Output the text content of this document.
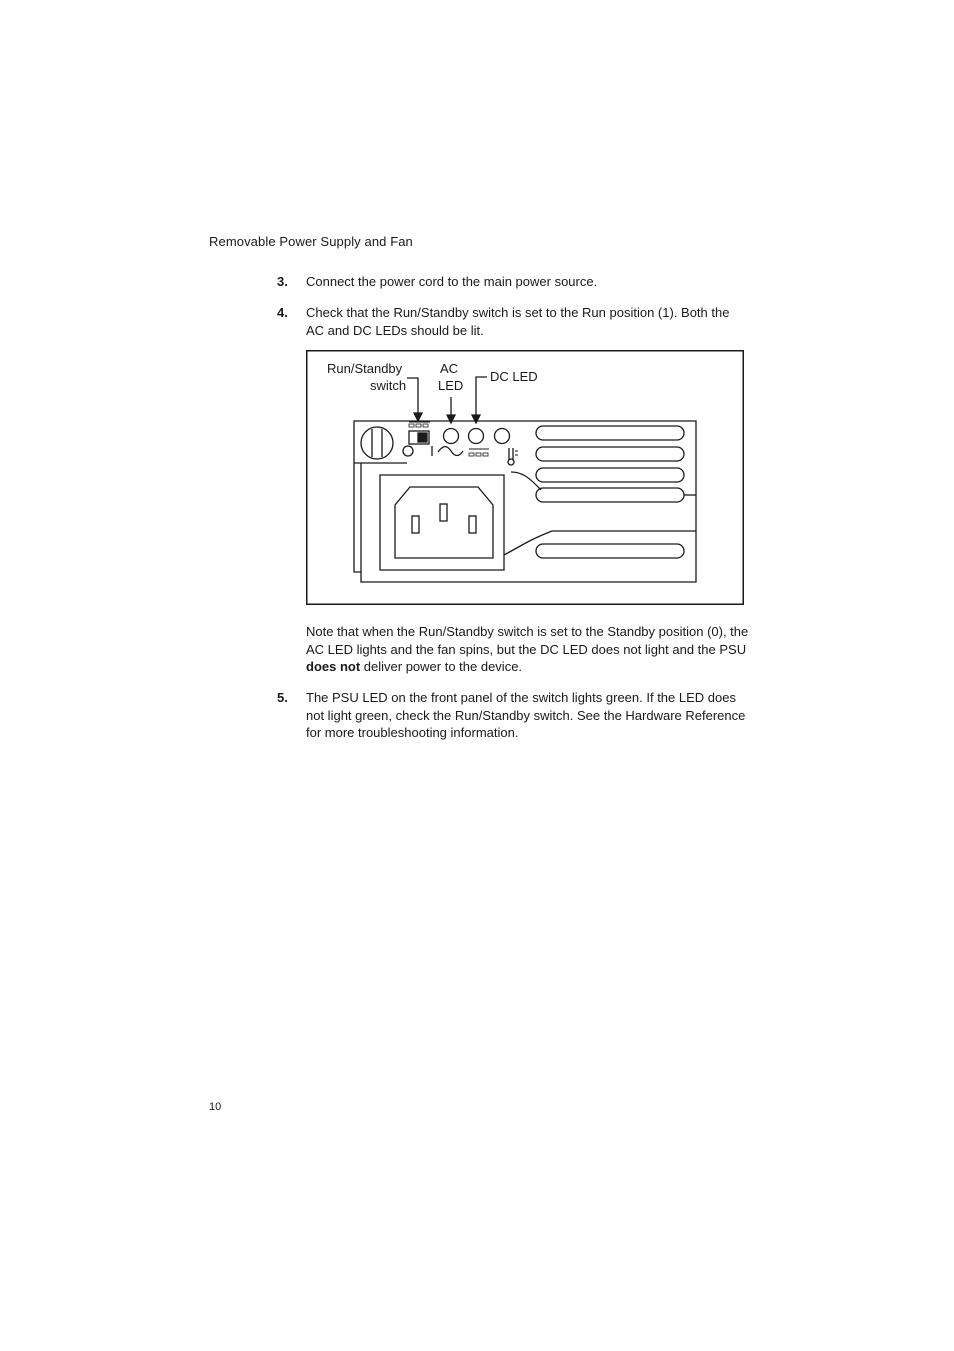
Removable Power Supply and Fan
3. Connect the power cord to the main power source.
4. Check that the Run/Standby switch is set to the Run position (1). Both the AC and DC LEDs should be lit.
Run/Standby
switch
AC
LED
DC LED
Note that when the Run/Standby switch is set to the Standby position (0), the AC LED lights and the fan spins, but the DC LED does not light and the PSU does not deliver power to the device.
5. The PSU LED on the front panel of the switch lights green. If the LED does not light green, check the Run/Standby switch. See the Hardware Reference for more troubleshooting information.
10
